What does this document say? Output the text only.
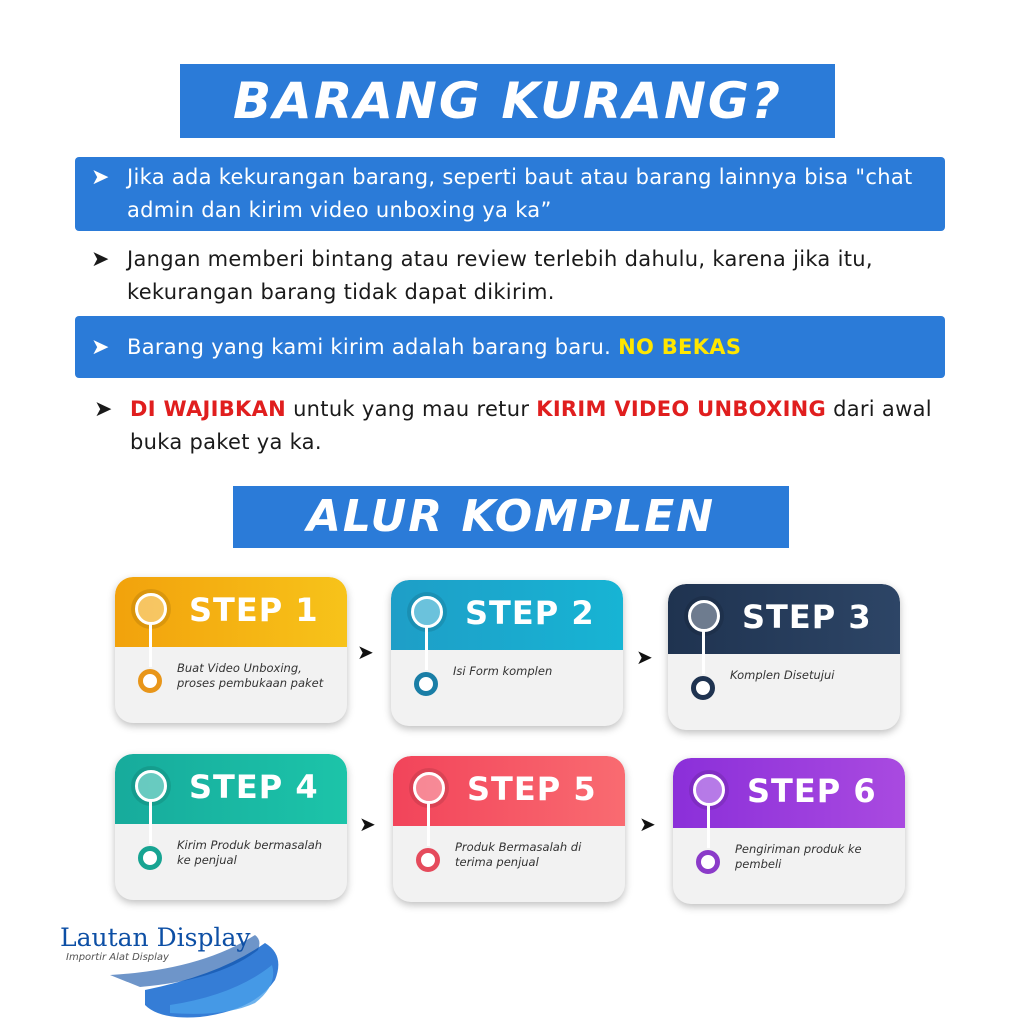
BARANG KURANG?
➤ Jika ada kekurangan barang, seperti baut atau barang lainnya bisa "chat admin dan kirim video unboxing ya ka”
➤ Jangan memberi bintang atau review terlebih dahulu, karena jika itu, kekurangan barang tidak dapat dikirim.
➤ Barang yang kami kirim adalah barang baru. NO BEKAS
➤ DI WAJIBKAN untuk yang mau retur KIRIM VIDEO UNBOXING dari awal buka paket ya ka.
ALUR KOMPLEN
STEP 1
Buat Video Unboxing, proses pembukaan paket
STEP 2
Isi Form komplen
STEP 3
Komplen Disetujui
STEP 4
Kirim Produk bermasalah ke penjual
STEP 5
Produk Bermasalah di terima penjual
STEP 6
Pengiriman produk ke pembeli
➤	➤
➤	➤
Lautan Display
Importir Alat Display
